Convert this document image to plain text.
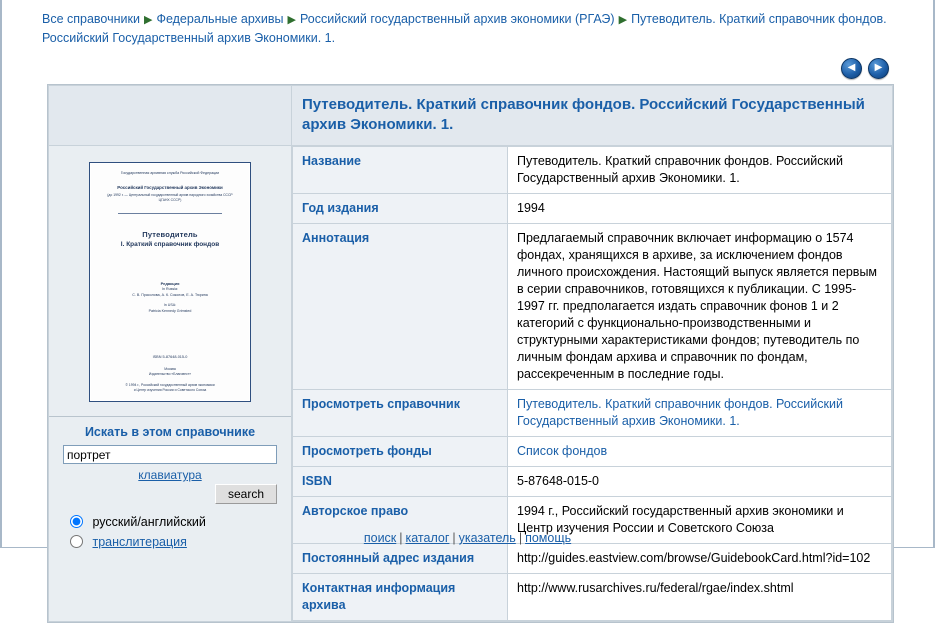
Все справочники ▶ Федеральные архивы ▶ Российский государственный архив экономики (РГАЭ) ▶ Путеводитель. Краткий справочник фондов. Российский Государственный архив Экономики. 1.
◀	▶

Путеводитель. Краткий справочник фондов. Российский Государственный архив Экономики. 1.

Государственная архивная служба Российской Федерации
Российский Государственный архив Экономики
(до 1992 г. — Центральный государственный архив народного хозяйства СССР
ЦГАНХ СССР)
Путеводитель
I. Краткий справочник фондов
Редакция
In Russia:
С. В. Прасолова, А. К. Соколов, Е. А. Тюрина
In USA:
Patricia Kennedy Grimsted
ISBN 5-87648-015-0
Москва
Издательство «Благовест»
© 1994 г., Российский государственный архив экономики
и Центр изучения России и Советского Союза
Искать в этом справочнике
портрет
клавиатура
search
русский/английский
транслитерация

Название	Путеводитель. Краткий справочник фондов. Российский Государственный архив Экономики. 1.
Год издания	1994
Аннотация	Предлагаемый справочник включает информацию о 1574 фондах, хранящихся в архиве, за исключением фондов личного происхождения. Настоящий выпуск является первым в серии справочников, готовящихся к публикации. С 1995-1997 гг. предполагается издать справочник фонов 1 и 2 категорий с функционально-производственными и структурными характеристиками фондов; путеводитель по личным фондам архива и справочник по фондам, рассекреченным в последние годы.
Просмотреть справочник	Путеводитель. Краткий справочник фондов. Российский Государственный архив Экономики. 1.
Просмотреть фонды	Список фондов
ISBN	5-87648-015-0
Авторское право	1994 г., Российский государственный архив экономики и Центр изучения России и Советского Союза
Постоянный адрес издания	http://guides.eastview.com/browse/GuidebookCard.html?id=102
Контактная информация архива	http://www.rusarchives.ru/federal/rgae/index.shtml
поиск | каталог | указатель | помощь
